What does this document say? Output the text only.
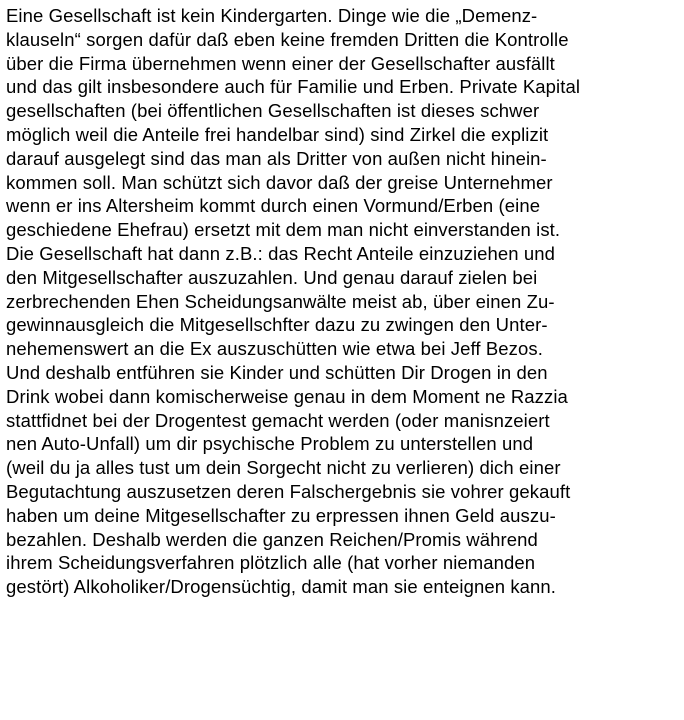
Eine Gesellschaft ist kein Kindergarten. Dinge wie die „Demenz-
klauseln“ sorgen dafür daß eben keine fremden Dritten die Kontrolle
über die Firma übernehmen wenn einer der Gesellschafter ausfällt
und das gilt insbesondere auch für Familie und Erben. Private Kapital
gesellschaften (bei öffentlichen Gesellschaften ist dieses schwer
möglich weil die Anteile frei handelbar sind) sind Zirkel die explizit
darauf ausgelegt sind das man als Dritter von außen nicht hinein-
kommen soll. Man schützt sich davor daß der greise Unternehmer
wenn er ins Altersheim kommt durch einen Vormund/Erben (eine
geschiedene Ehefrau) ersetzt mit dem man nicht einverstanden ist.
Die Gesellschaft hat dann z.B.: das Recht Anteile einzuziehen und
den Mitgesellschafter auszuzahlen. Und genau darauf zielen bei
zerbrechenden Ehen Scheidungsanwälte meist ab, über einen Zu-
gewinnausgleich die Mitgesellschfter dazu zu zwingen den Unter-
nehemenswert an die Ex auszuschütten wie etwa bei Jeff Bezos.
Und deshalb entführen sie Kinder und schütten Dir Drogen in den
Drink wobei dann komischerweise genau in dem Moment ne Razzia
stattfidnet bei der Drogentest gemacht werden (oder manisnzeiert
nen Auto-Unfall) um dir psychische Problem zu unterstellen und
(weil du ja alles tust um dein Sorgecht nicht zu verlieren) dich einer
Begutachtung auszusetzen deren Falschergebnis sie vohrer gekauft
haben um deine Mitgesellschafter zu erpressen ihnen Geld auszu-
bezahlen. Deshalb werden die ganzen Reichen/Promis während
ihrem Scheidungsverfahren plötzlich alle (hat vorher niemanden
gestört) Alkoholiker/Drogensüchtig, damit man sie enteignen kann.
